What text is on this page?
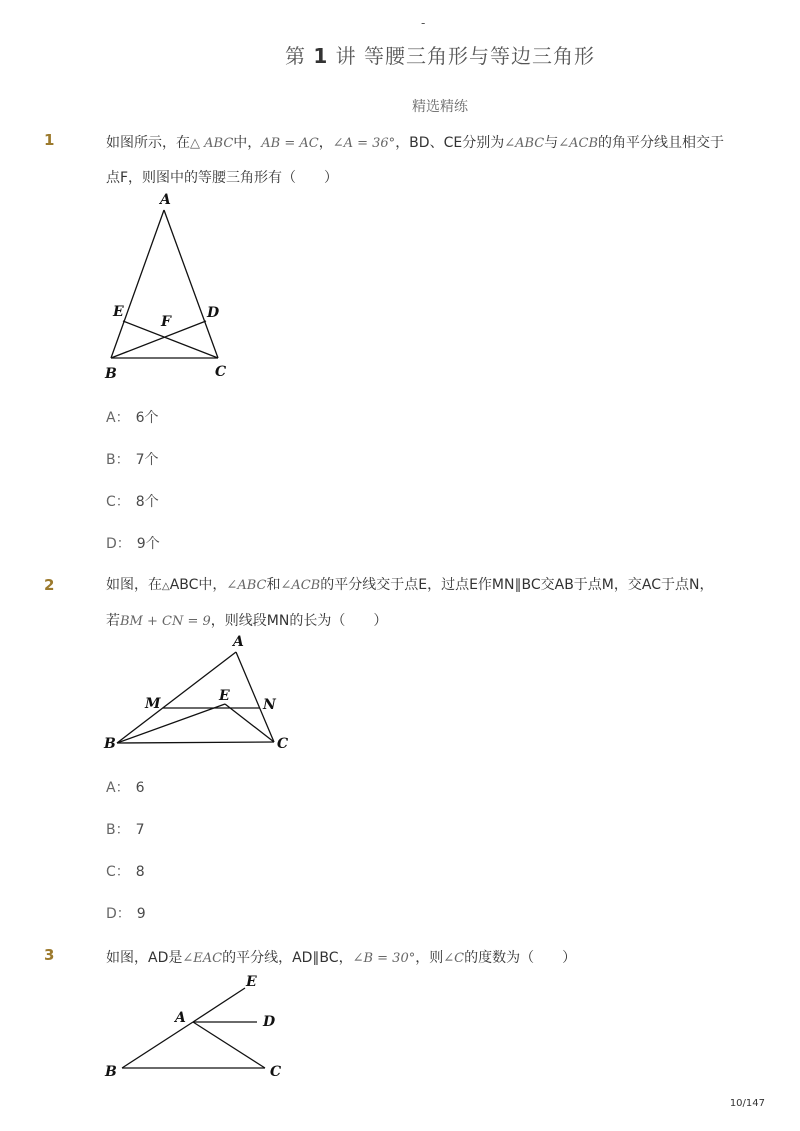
-
第 1 讲 等腰三角形与等边三角形
精选精练
1	如图所示，在△ ABC中，AB = AC，∠A = 36°，BD、CE分别为∠ABC与∠ACB的角平分线且相交于点F，则图中的等腰三角形有（　　）
A
B	C
D
E
F
A： 6个
B： 7个
C： 8个
D： 9个
2	如图，在△ABC中，∠ABC和∠ACB的平分线交于点E，过点E作MN∥BC交AB于点M，交AC于点N，若BM + CN = 9，则线段MN的长为（　　）
A
B	C
E
M	N
A： 6
B： 7
C： 8
D： 9
3	如图，AD是∠EAC的平分线，AD∥BC，∠B = 30°，则∠C的度数为（　　）
A
B	C
D
E
10/147
